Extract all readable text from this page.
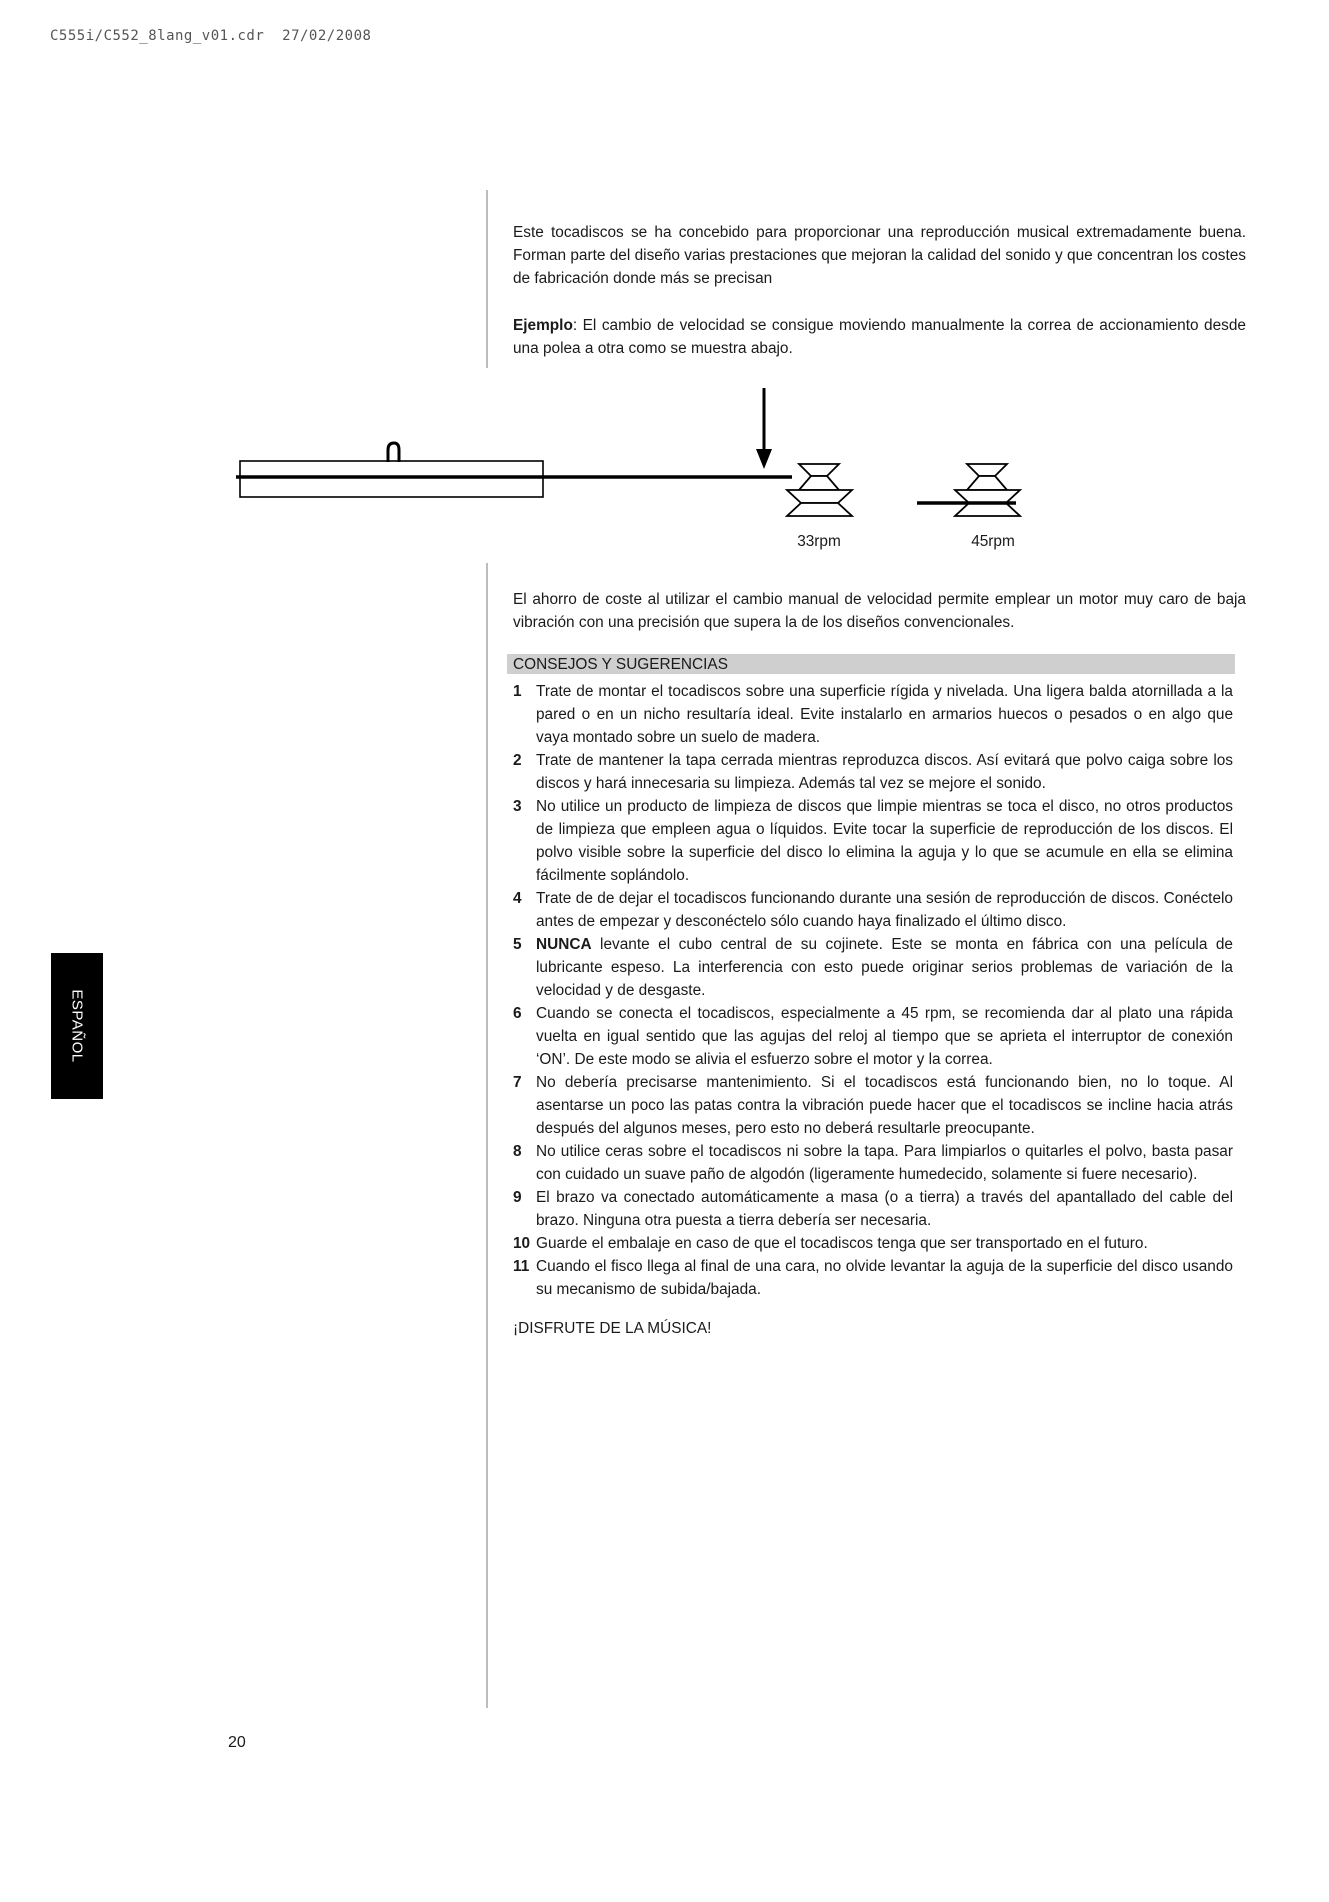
C555i/C552_8lang_v01.cdr  27/02/2008

Este tocadiscos se ha concebido para proporcionar una reproducción musical extremadamente buena. Forman parte del diseño varias prestaciones que mejoran la calidad del sonido y que concentran los costes de fabricación donde más se precisan

Ejemplo: El cambio de velocidad se consigue moviendo manualmente la correa de accionamiento desde una polea a otra como se muestra abajo.

33rpm	45rpm

El ahorro de coste al utilizar el cambio manual de velocidad permite emplear un motor muy caro de baja vibración con una precisión que supera la de los diseños convencionales.

CONSEJOS Y SUGERENCIAS
1 Trate de montar el tocadiscos sobre una superficie rígida y nivelada. Una ligera balda atornillada a la pared o en un nicho resultaría ideal. Evite instalarlo en armarios huecos o pesados o en algo que vaya montado sobre un suelo de madera.
2 Trate de mantener la tapa cerrada mientras reproduzca discos. Así evitará que polvo caiga sobre los discos y hará innecesaria su limpieza. Además tal vez se mejore el sonido.
3 No utilice un producto de limpieza de discos que limpie mientras se toca el disco, no otros productos de limpieza que empleen agua o líquidos. Evite tocar la superficie de reproducción de los discos. El polvo visible sobre la superficie del disco lo elimina la aguja y lo que se acumule en ella se elimina fácilmente soplándolo.
4 Trate de de dejar el tocadiscos funcionando durante una sesión de reproducción de discos. Conéctelo antes de empezar y desconéctelo sólo cuando haya finalizado el último disco.
5 NUNCA levante el cubo central de su cojinete. Este se monta en fábrica con una película de lubricante espeso. La interferencia con esto puede originar serios problemas de variación de la velocidad y de desgaste.
6 Cuando se conecta el tocadiscos, especialmente a 45 rpm, se recomienda dar al plato una rápida vuelta en igual sentido que las agujas del reloj al tiempo que se aprieta el interruptor de conexión ‘ON’. De este modo se alivia el esfuerzo sobre el motor y la correa.
7 No debería precisarse mantenimiento. Si el tocadiscos está funcionando bien, no lo toque. Al asentarse un poco las patas contra la vibración puede hacer que el tocadiscos se incline hacia atrás después del algunos meses, pero esto no deberá resultarle preocupante.
8 No utilice ceras sobre el tocadiscos ni sobre la tapa. Para limpiarlos o quitarles el polvo, basta pasar con cuidado un suave paño de algodón (ligeramente humedecido, solamente si fuere necesario).
9 El brazo va conectado automáticamente a masa (o a tierra) a través del apantallado del cable del brazo. Ninguna otra puesta a tierra debería ser necesaria.
10 Guarde el embalaje en caso de que el tocadiscos tenga que ser transportado en el futuro.
11 Cuando el fisco llega al final de una cara, no olvide levantar la aguja de la superficie del disco usando su mecanismo de subida/bajada.
¡DISFRUTE DE LA MÚSICA!
ESPAÑOL
20
